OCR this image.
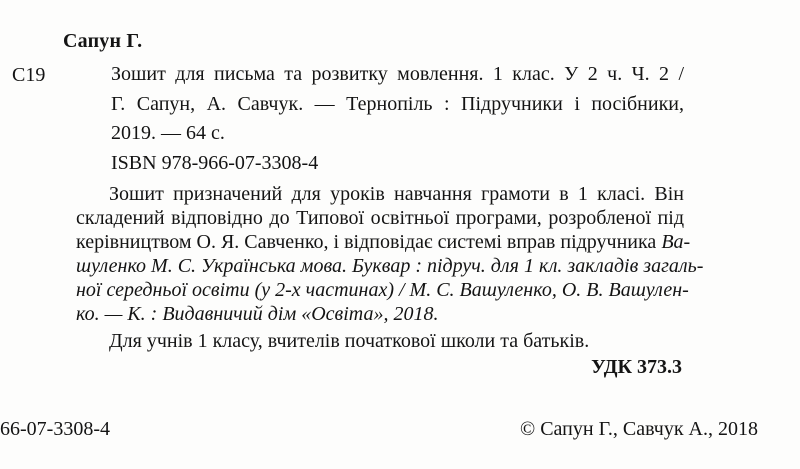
Сапун Г.
С19	Зошит для письма та розвитку мовлення. 1 клас. У 2 ч. Ч. 2 /
Г. Сапун, А. Савчук. — Тернопіль : Підручники і посібники,
2019. — 64 с.
ISBN 978-966-07-3308-4
Зошит призначений для уроків навчання грамоти в 1 класі. Він
складений відповідно до Типової освітньої програми, розробленої під
керівництвом О. Я. Савченко, і відповідає системі вправ підручника Ва-
шуленко М. С. Українська мова. Буквар : підруч. для 1 кл. закладів загаль-
ної середньої освіти (у 2-х частинах) / М. С. Вашуленко, О. В. Вашулен-
ко. — К. : Видавничий дім «Освіта», 2018.
Для учнів 1 класу, вчителів початкової школи та батьків.
УДК 373.3
66-07-3308-4	© Сапун Г., Савчук А., 2018
